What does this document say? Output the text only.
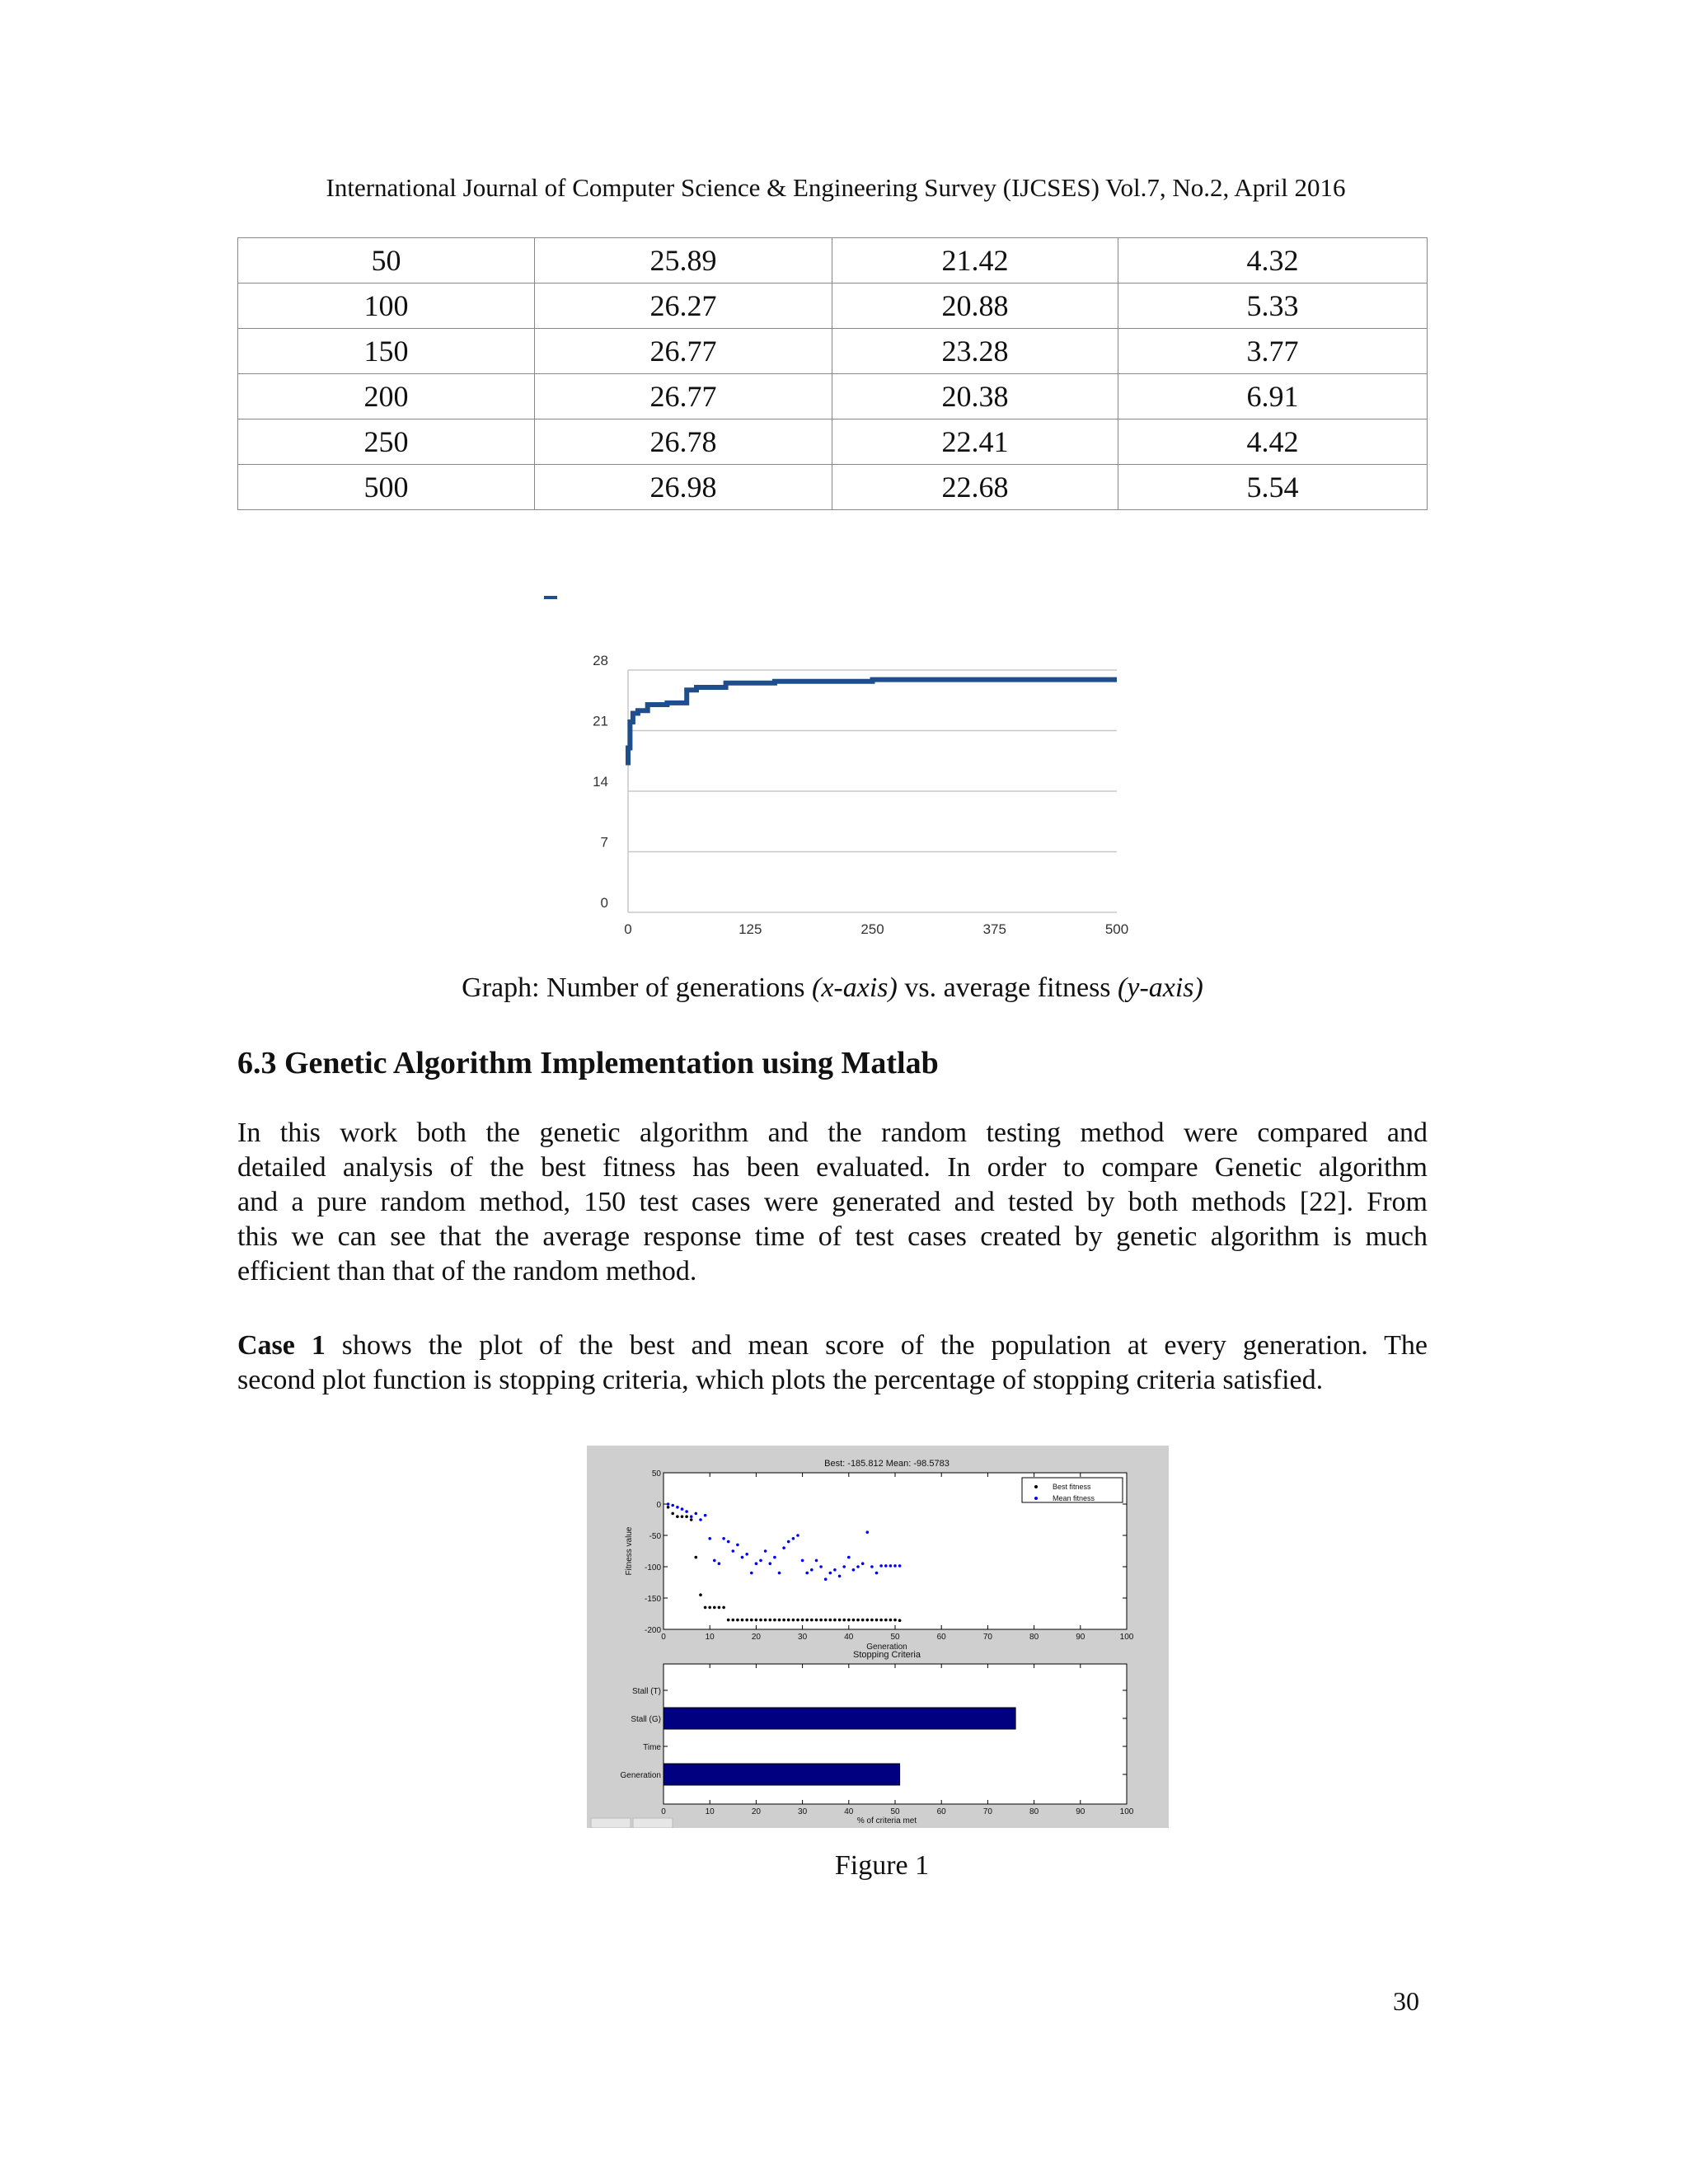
International Journal of Computer Science & Engineering Survey (IJCSES) Vol.7, No.2, April 2016
50	25.89	21.42	4.32
100	26.27	20.88	5.33
150	26.77	23.28	3.77
200	26.77	20.38	6.91
250	26.78	22.41	4.42
500	26.98	22.68	5.54
0
7
14
21
28
0	125	250	375	500
Graph: Number of generations (x-axis) vs. average fitness (y-axis)
6.3 Genetic Algorithm Implementation using Matlab
In this work both the genetic algorithm and the random testing method were compared and
detailed analysis of the best fitness has been evaluated. In order to compare Genetic algorithm
and a pure random method, 150 test cases were generated and tested by both methods [22]. From
this we can see that the average response time of test cases created by genetic algorithm is much
efficient than that of the random method.
Case 1 shows the plot of the best and mean score of the population at every generation. The
second plot function is stopping criteria, which plots the percentage of stopping criteria satisfied.
Best: -185.812 Mean: -98.5783
50
0
-50
-100
-150
-200
0	10	20	30	40	50	60	70	80	90	100
Generation
Fitness value
Best fitness
Mean fitness
Stopping Criteria
0	10	20	30	40	50	60	70	80	90	100
% of criteria met
Stall (T)
Stall (G)
Time
Generation
Figure 1
30
